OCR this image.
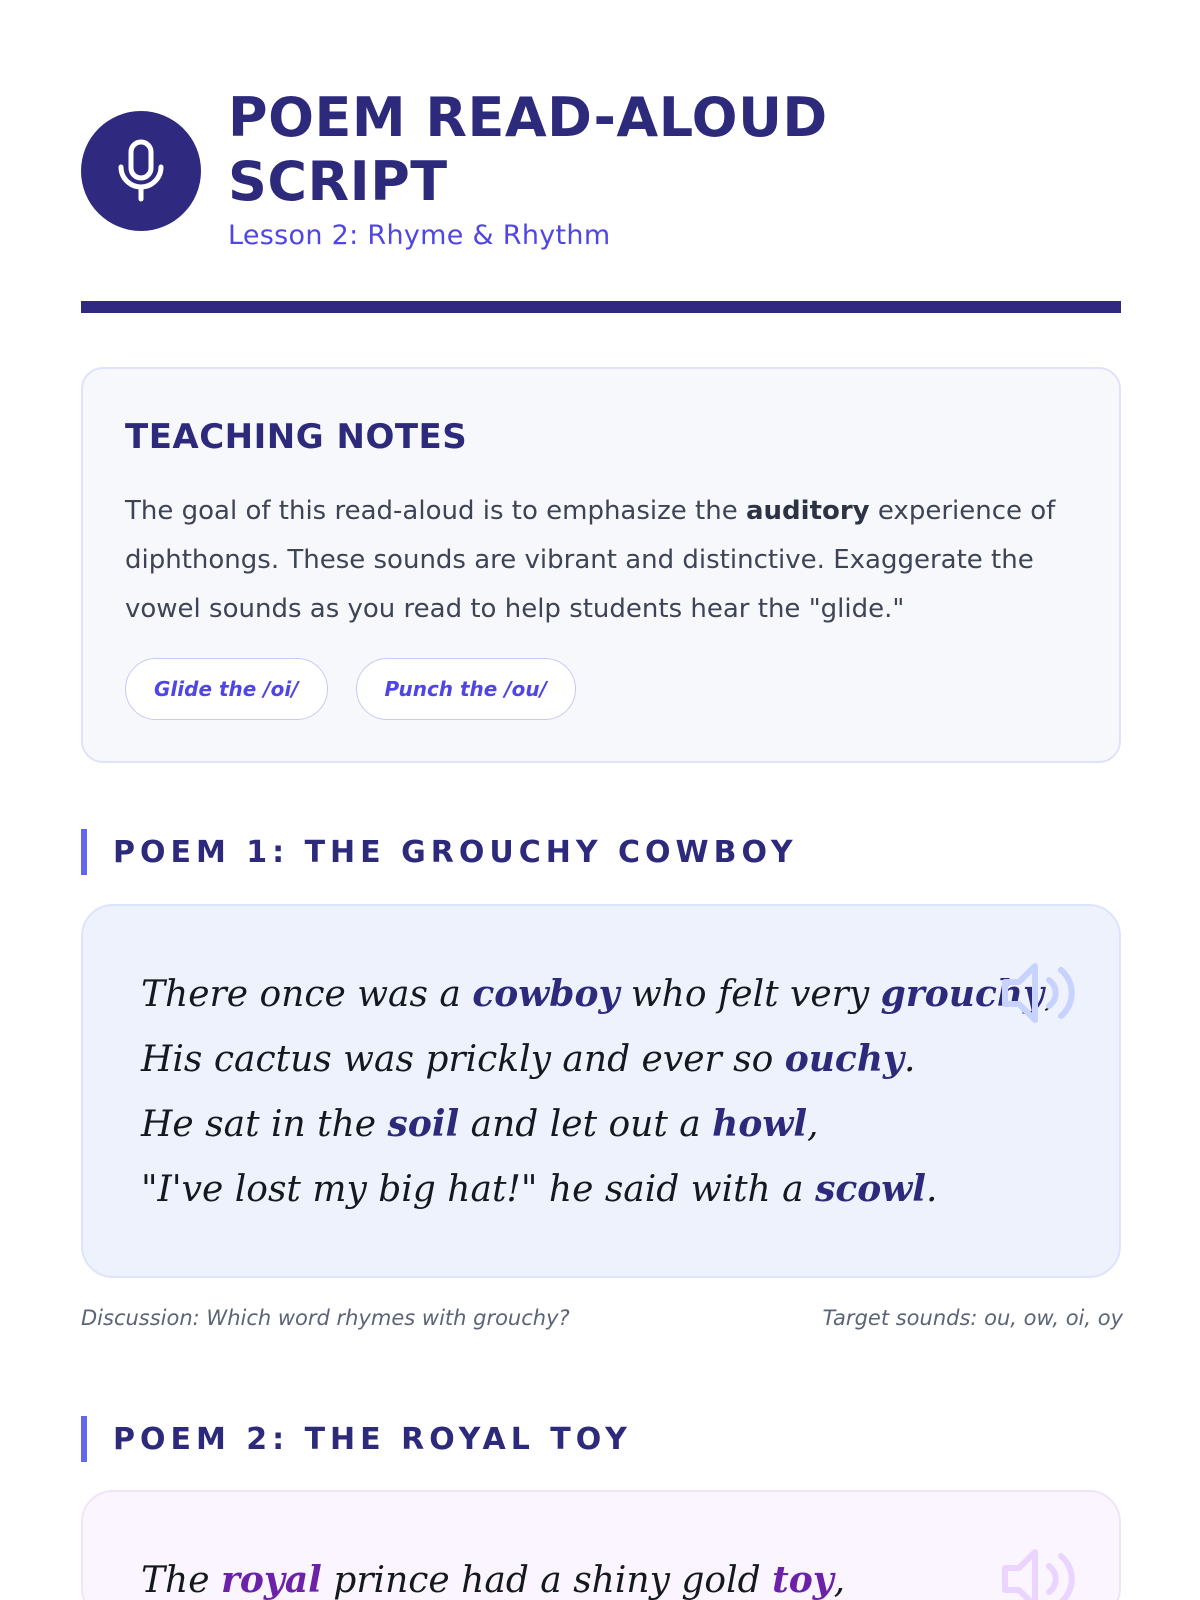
POEM READ-ALOUD SCRIPT
Lesson 2: Rhyme & Rhythm
TEACHING NOTES
The goal of this read-aloud is to emphasize the auditory experience of diphthongs. These sounds are vibrant and distinctive. Exaggerate the vowel sounds as you read to help students hear the "glide."
Glide the /oi/	Punch the /ou/
POEM 1: THE GROUCHY COWBOY
There once was a cowboy who felt very grouchy,
His cactus was prickly and ever so ouchy.
He sat in the soil and let out a howl,
"I've lost my big hat!" he said with a scowl.
Discussion: Which word rhymes with grouchy?	Target sounds: ou, ow, oi, oy
POEM 2: THE ROYAL TOY
The royal prince had a shiny gold toy,
